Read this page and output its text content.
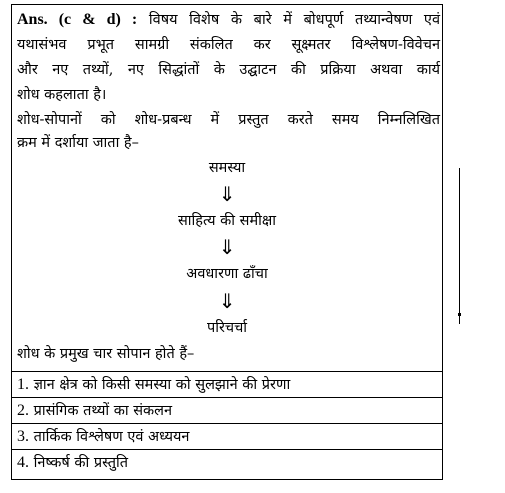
Ans. (c & d) : विषय विशेष के बारे में बोधपूर्ण तथ्यान्वेषण एवं
यथासंभव प्रभूत सामग्री संकलित कर सूक्ष्मतर विश्लेषण-विवेचन
और नए तथ्यों, नए सिद्धांतों के उद्घाटन की प्रक्रिया अथवा कार्य
शोध कहलाता है।
शोध-सोपानों को शोध-प्रबन्ध में प्रस्तुत करते समय निम्नलिखित
क्रम में दर्शाया जाता है–
समस्या
⇓
साहित्य की समीक्षा
⇓
अवधारणा ढाँचा
⇓
परिचर्चा
शोध के प्रमुख चार सोपान होते हैं–
1. ज्ञान क्षेत्र को किसी समस्या को सुलझाने की प्रेरणा
2. प्रासंगिक तथ्यों का संकलन
3. तार्किक विश्लेषण एवं अध्ययन
4. निष्कर्ष की प्रस्तुति
